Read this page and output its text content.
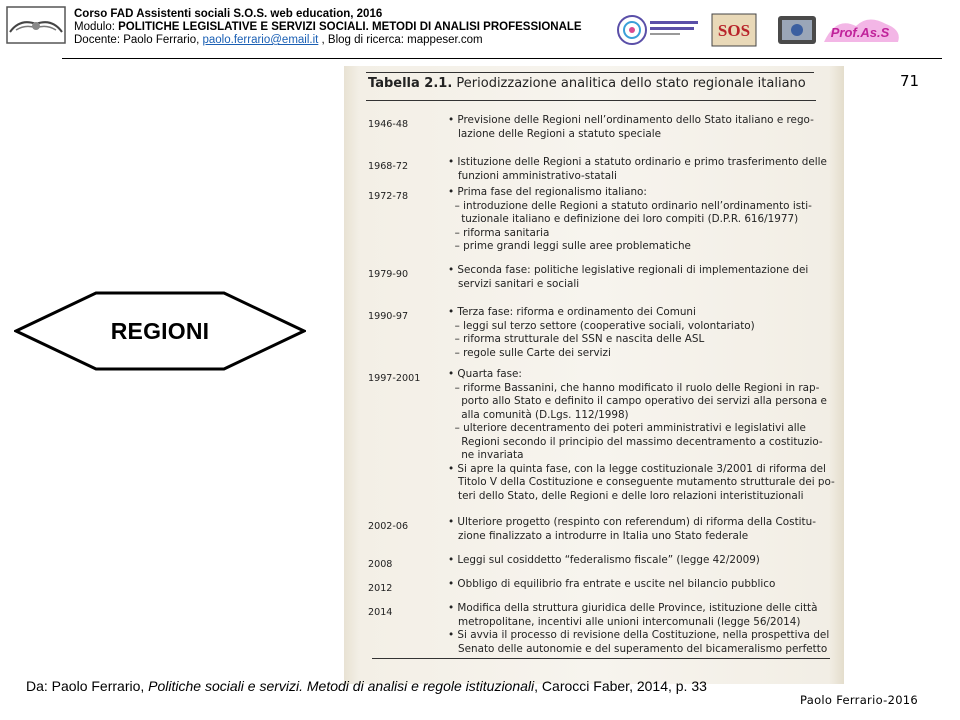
Corso FAD Assistenti sociali S.O.S. web education, 2016
Modulo: POLITICHE LEGISLATIVE E SERVIZI SOCIALI. METODI DI ANALISI PROFESSIONALE
Docente: Paolo Ferrario, paolo.ferrario@email.it , Blog di ricerca: mappeser.com	SOS	Prof.As.S
71
REGIONI
Tabella 2.1. Periodizzazione analitica dello stato regionale italiano
1946-48	• Previsione delle Regioni nell’ordinamento dello Stato italiano e rego-
lazione delle Regioni a statuto speciale
1968-72	• Istituzione delle Regioni a statuto ordinario e primo trasferimento delle
funzioni amministrativo-statali
1972-78	• Prima fase del regionalismo italiano:
– introduzione delle Regioni a statuto ordinario nell’ordinamento isti-
tuzionale italiano e definizione dei loro compiti (D.P.R. 616/1977)
– riforma sanitaria
– prime grandi leggi sulle aree problematiche
1979-90	• Seconda fase: politiche legislative regionali di implementazione dei
servizi sanitari e sociali
1990-97	• Terza fase: riforma e ordinamento dei Comuni
– leggi sul terzo settore (cooperative sociali, volontariato)
– riforma strutturale del SSN e nascita delle ASL
– regole sulle Carte dei servizi
1997-2001	• Quarta fase:
– riforme Bassanini, che hanno modificato il ruolo delle Regioni in rap-
porto allo Stato e definito il campo operativo dei servizi alla persona e
alla comunità (D.Lgs. 112/1998)
– ulteriore decentramento dei poteri amministrativi e legislativi alle
Regioni secondo il principio del massimo decentramento a costituzio-
ne invariata
• Si apre la quinta fase, con la legge costituzionale 3/2001 di riforma del
Titolo V della Costituzione e conseguente mutamento strutturale dei po-
teri dello Stato, delle Regioni e delle loro relazioni interistituzionali
2002-06	• Ulteriore progetto (respinto con referendum) di riforma della Costitu-
zione finalizzato a introdurre in Italia uno Stato federale
2008	• Leggi sul cosiddetto “federalismo fiscale” (legge 42/2009)
2012	• Obbligo di equilibrio fra entrate e uscite nel bilancio pubblico
2014	• Modifica della struttura giuridica delle Province, istituzione delle città
metropolitane, incentivi alle unioni intercomunali (legge 56/2014)
• Si avvia il processo di revisione della Costituzione, nella prospettiva del
Senato delle autonomie e del superamento del bicameralismo perfetto
Da: Paolo Ferrario, Politiche sociali e servizi. Metodi di analisi e regole istituzionali, Carocci Faber, 2014, p. 33
Paolo Ferrario-2016
